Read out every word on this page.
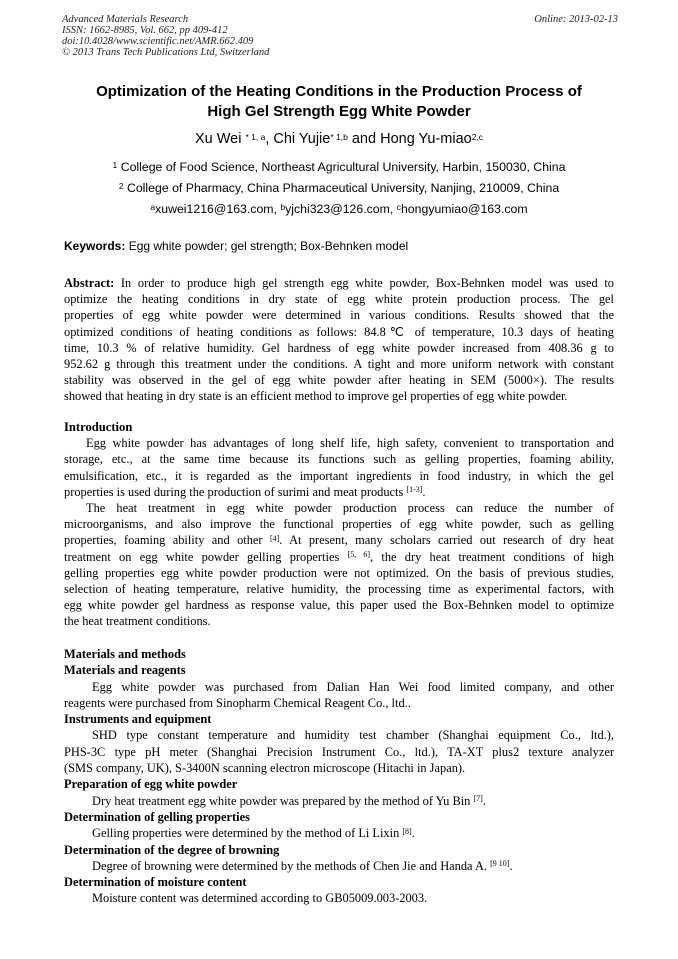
Advanced Materials Research
ISSN: 1662-8985, Vol. 662, pp 409-412
doi:10.4028/www.scientific.net/AMR.662.409
© 2013 Trans Tech Publications Ltd, Switzerland
Online: 2013-02-13
Optimization of the Heating Conditions in the Production Process of
High Gel Strength Egg White Powder
Xu Wei $^{* 1, a}$, Chi Yujie$^{* 1,b}$ and Hong Yu-miao$^{2,c}$
$^1$ College of Food Science, Northeast Agricultural University, Harbin, 150030, China
$^2$ College of Pharmacy, China Pharmaceutical University, Nanjing, 210009, China
$^a$xuwei1216@163.com, $^b$yjchi323@126.com, $^c$hongyumiao@163.com
Keywords: Egg white powder; gel strength; Box-Behnken model
Abstract: In order to produce high gel strength egg white powder, Box-Behnken model was used to
optimize the heating conditions in dry state of egg white protein production process. The gel
properties of egg white powder were determined in various conditions. Results showed that the
optimized conditions of heating conditions as follows: 84.8℃ of temperature, 10.3 days of heating
time, 10.3 % of relative humidity. Gel hardness of egg white powder increased from 408.36 g to
952.62 g through this treatment under the conditions. A tight and more uniform network with constant
stability was observed in the gel of egg white powder after heating in SEM (5000×). The results
showed that heating in dry state is an efficient method to improve gel properties of egg white powder.
Introduction
Egg white powder has advantages of long shelf life, high safety, convenient to transportation and
storage, etc., at the same time because its functions such as gelling properties, foaming ability,
emulsification, etc., it is regarded as the important ingredients in food industry, in which the gel
properties is used during the production of surimi and meat products [1-3].
The heat treatment in egg white powder production process can reduce the number of
microorganisms, and also improve the functional properties of egg white powder, such as gelling
properties, foaming ability and other [4]. At present, many scholars carried out research of dry heat
treatment on egg white powder gelling properties [5, 6], the dry heat treatment conditions of high
gelling properties egg white powder production were not optimized. On the basis of previous studies,
selection of heating temperature, relative humidity, the processing time as experimental factors, with
egg white powder gel hardness as response value, this paper used the Box-Behnken model to optimize
the heat treatment conditions.
Materials and methods
Materials and reagents
Egg white powder was purchased from Dalian Han Wei food limited company, and other
reagents were purchased from Sinopharm Chemical Reagent Co., ltd..
Instruments and equipment
SHD type constant temperature and humidity test chamber (Shanghai equipment Co., ltd.),
PHS-3C type pH meter (Shanghai Precision Instrument Co., ltd.), TA-XT plus2 texture analyzer
(SMS company, UK), S-3400N scanning electron microscope (Hitachi in Japan).
Preparation of egg white powder
Dry heat treatment egg white powder was prepared by the method of Yu Bin [7].
Determination of gelling properties
Gelling properties were determined by the method of Li Lixin [8].
Determination of the degree of browning
Degree of browning were determined by the methods of Chen Jie and Handa A. [9 10].
Determination of moisture content
Moisture content was determined according to GB05009.003-2003.
